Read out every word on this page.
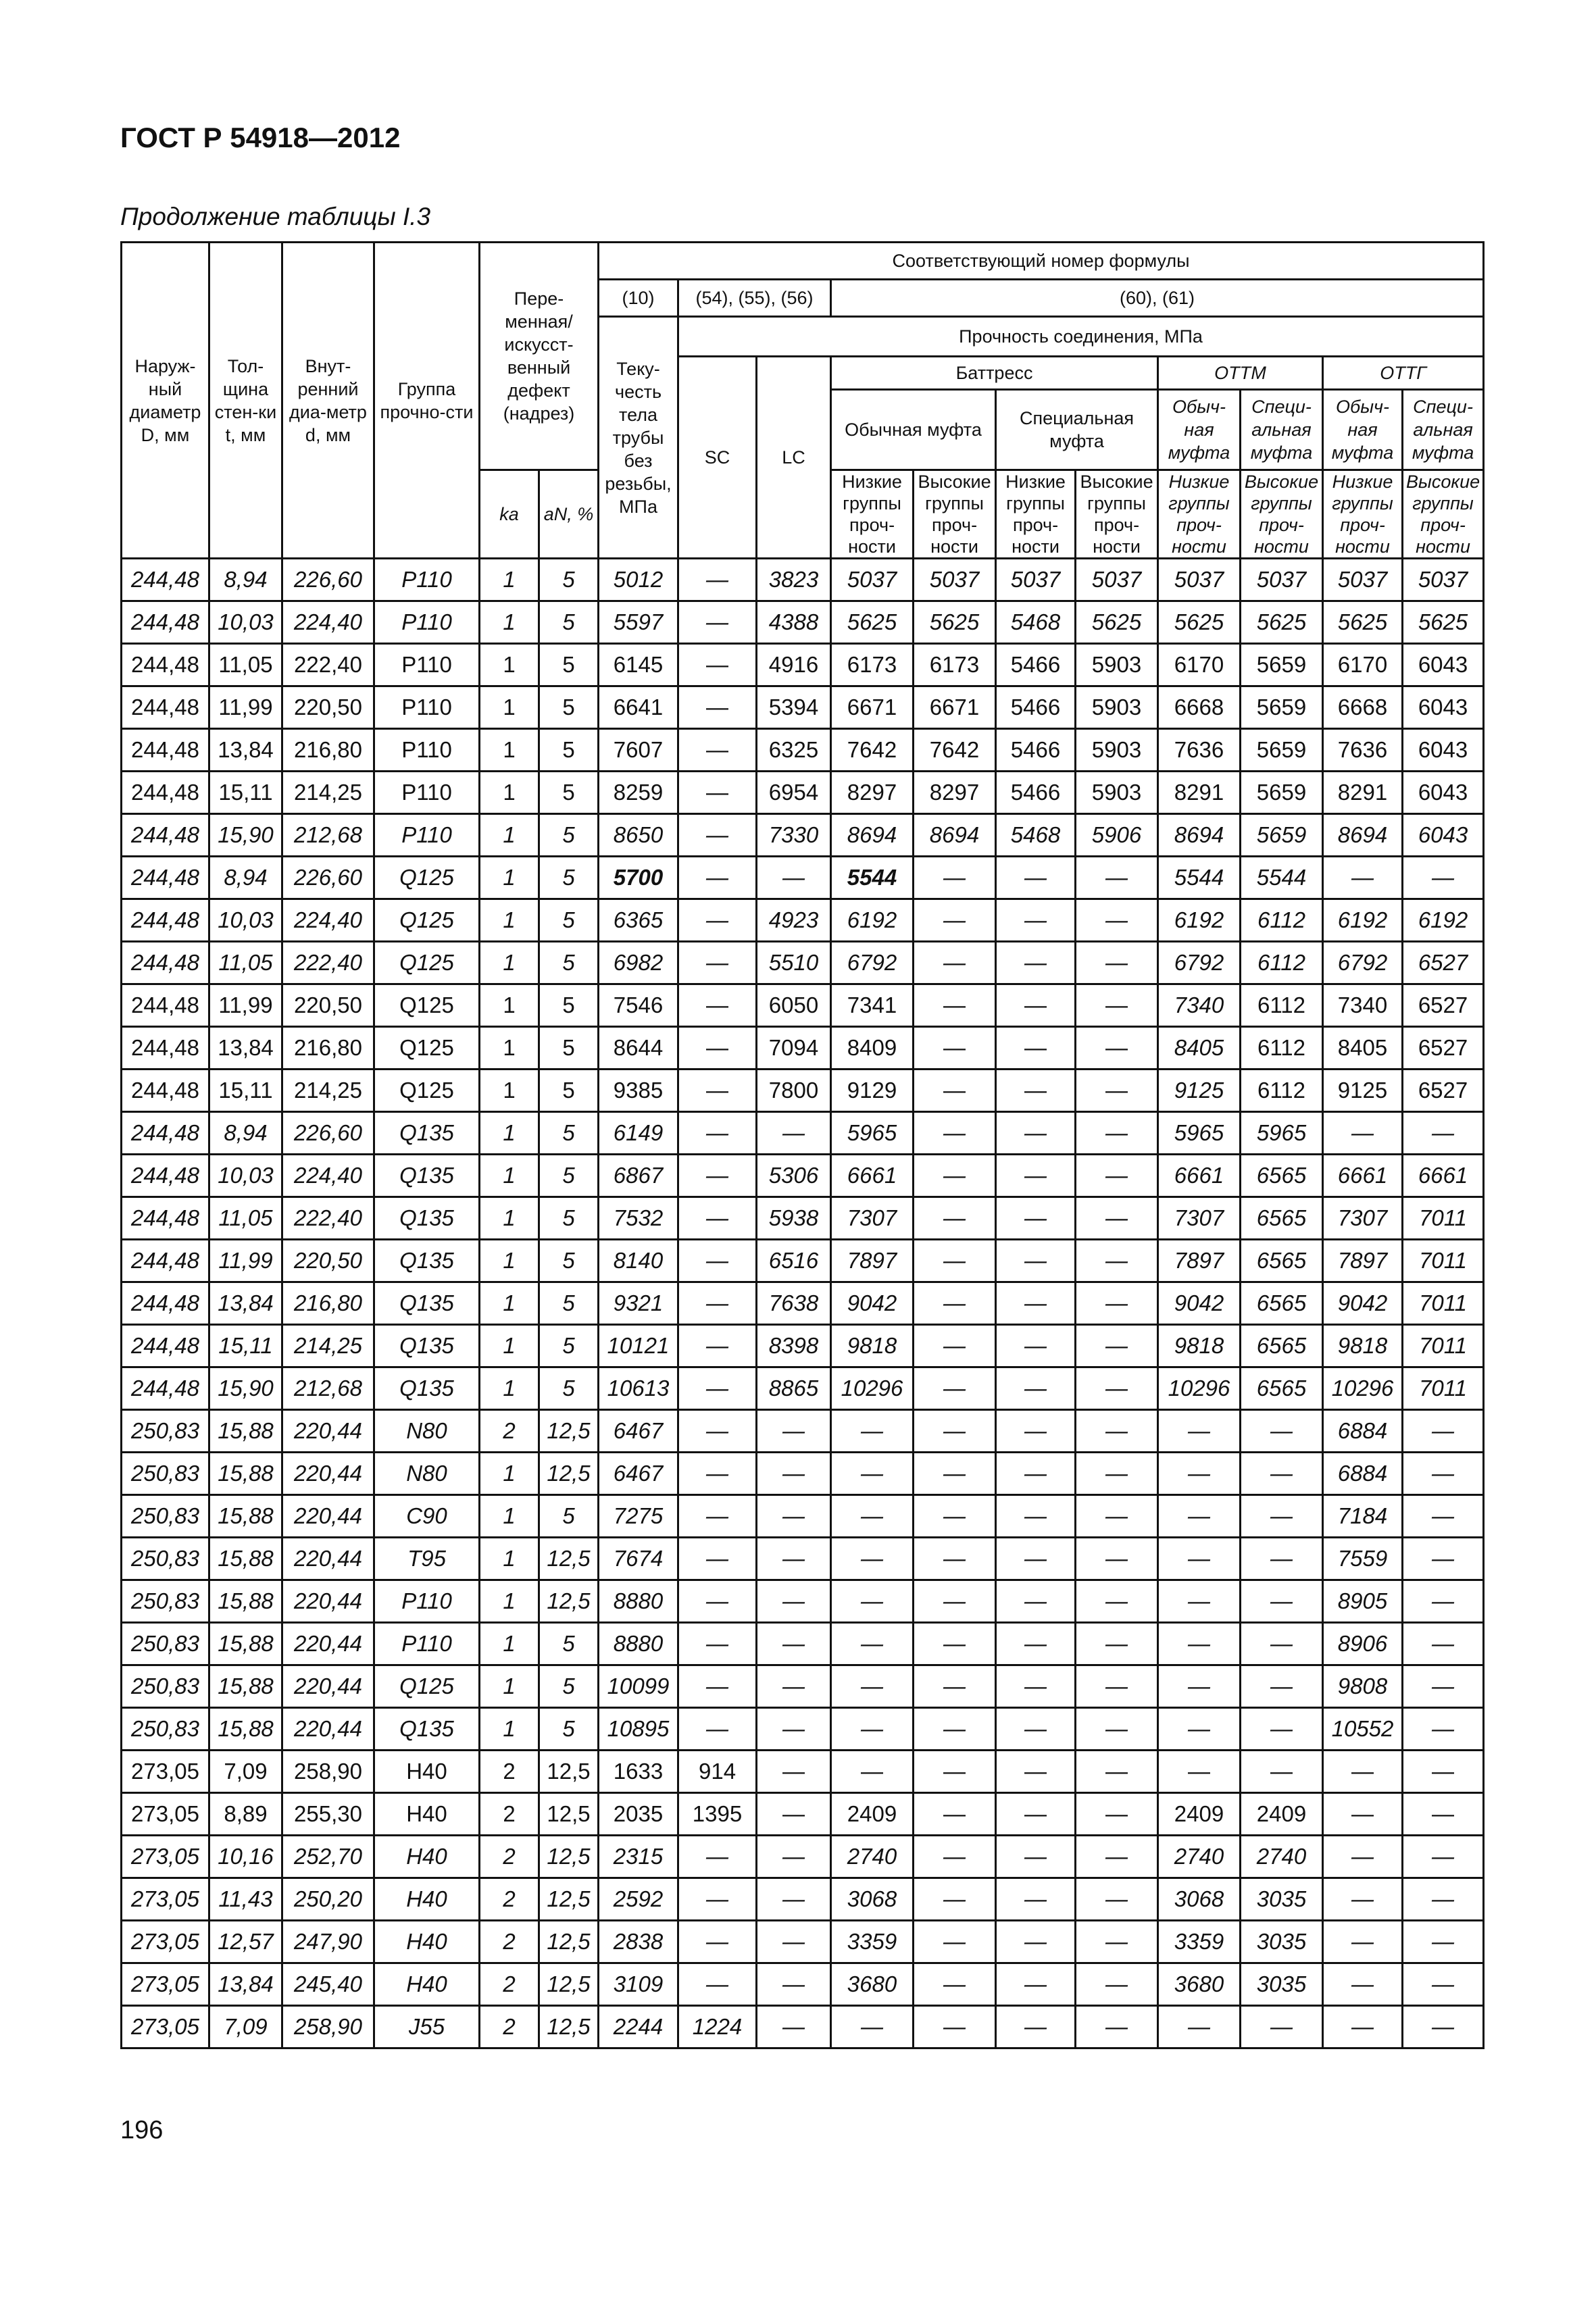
ГОСТ Р 54918—2012
Продолжение таблицы I.3
Наруж-ный диаметр D, мм	Тол-щина стен-ки t, мм	Внут-ренний диа-метр d, мм	Группа прочно-сти	Пере-менная/ искусст-венный дефект (надрез)		Соответствующий номер формулы										
						(10)	(54), (55), (56)		(60), (61)							
						Теку-честь тела трубы без резьбы, МПа	Прочность соединения, МПа									
							SC	LC	Баттресс				ОТТМ		ОТТГ	
									Обычная муфта		Специальная муфта		Обыч-ная муфта	Специ-альная муфта	Обыч-ная муфта	Специ-альная муфта
				ka	aN, %				Низкие группы проч-ности	Высокие группы проч-ности	Низкие группы проч-ности	Высокие группы проч-ности	Низкие группы проч-ности	Высокие группы проч-ности	Низкие группы проч-ности	Высокие группы проч-ности

244,48	8,94	226,60	P110	1	5	5012	—	3823	5037	5037	5037	5037	5037	5037	5037	5037
244,48	10,03	224,40	P110	1	5	5597	—	4388	5625	5625	5468	5625	5625	5625	5625	5625
244,48	11,05	222,40	P110	1	5	6145	—	4916	6173	6173	5466	5903	6170	5659	6170	6043
244,48	11,99	220,50	P110	1	5	6641	—	5394	6671	6671	5466	5903	6668	5659	6668	6043
244,48	13,84	216,80	P110	1	5	7607	—	6325	7642	7642	5466	5903	7636	5659	7636	6043
244,48	15,11	214,25	P110	1	5	8259	—	6954	8297	8297	5466	5903	8291	5659	8291	6043
244,48	15,90	212,68	P110	1	5	8650	—	7330	8694	8694	5468	5906	8694	5659	8694	6043
244,48	8,94	226,60	Q125	1	5	5700	—	—	5544	—	—	—	5544	5544	—	—
244,48	10,03	224,40	Q125	1	5	6365	—	4923	6192	—	—	—	6192	6112	6192	6192
244,48	11,05	222,40	Q125	1	5	6982	—	5510	6792	—	—	—	6792	6112	6792	6527
244,48	11,99	220,50	Q125	1	5	7546	—	6050	7341	—	—	—	7340	6112	7340	6527
244,48	13,84	216,80	Q125	1	5	8644	—	7094	8409	—	—	—	8405	6112	8405	6527
244,48	15,11	214,25	Q125	1	5	9385	—	7800	9129	—	—	—	9125	6112	9125	6527
244,48	8,94	226,60	Q135	1	5	6149	—	—	5965	—	—	—	5965	5965	—	—
244,48	10,03	224,40	Q135	1	5	6867	—	5306	6661	—	—	—	6661	6565	6661	6661
244,48	11,05	222,40	Q135	1	5	7532	—	5938	7307	—	—	—	7307	6565	7307	7011
244,48	11,99	220,50	Q135	1	5	8140	—	6516	7897	—	—	—	7897	6565	7897	7011
244,48	13,84	216,80	Q135	1	5	9321	—	7638	9042	—	—	—	9042	6565	9042	7011
244,48	15,11	214,25	Q135	1	5	10121	—	8398	9818	—	—	—	9818	6565	9818	7011
244,48	15,90	212,68	Q135	1	5	10613	—	8865	10296	—	—	—	10296	6565	10296	7011
250,83	15,88	220,44	N80	2	12,5	6467	—	—	—	—	—	—	—	—	6884	—
250,83	15,88	220,44	N80	1	12,5	6467	—	—	—	—	—	—	—	—	6884	—
250,83	15,88	220,44	C90	1	5	7275	—	—	—	—	—	—	—	—	7184	—
250,83	15,88	220,44	T95	1	12,5	7674	—	—	—	—	—	—	—	—	7559	—
250,83	15,88	220,44	P110	1	12,5	8880	—	—	—	—	—	—	—	—	8905	—
250,83	15,88	220,44	P110	1	5	8880	—	—	—	—	—	—	—	—	8906	—
250,83	15,88	220,44	Q125	1	5	10099	—	—	—	—	—	—	—	—	9808	—
250,83	15,88	220,44	Q135	1	5	10895	—	—	—	—	—	—	—	—	10552	—
273,05	7,09	258,90	H40	2	12,5	1633	914	—	—	—	—	—	—	—	—	—
273,05	8,89	255,30	H40	2	12,5	2035	1395	—	2409	—	—	—	2409	2409	—	—
273,05	10,16	252,70	H40	2	12,5	2315	—	—	2740	—	—	—	2740	2740	—	—
273,05	11,43	250,20	H40	2	12,5	2592	—	—	3068	—	—	—	3068	3035	—	—
273,05	12,57	247,90	H40	2	12,5	2838	—	—	3359	—	—	—	3359	3035	—	—
273,05	13,84	245,40	H40	2	12,5	3109	—	—	3680	—	—	—	3680	3035	—	—
273,05	7,09	258,90	J55	2	12,5	2244	1224	—	—	—	—	—	—	—	—	—
196
